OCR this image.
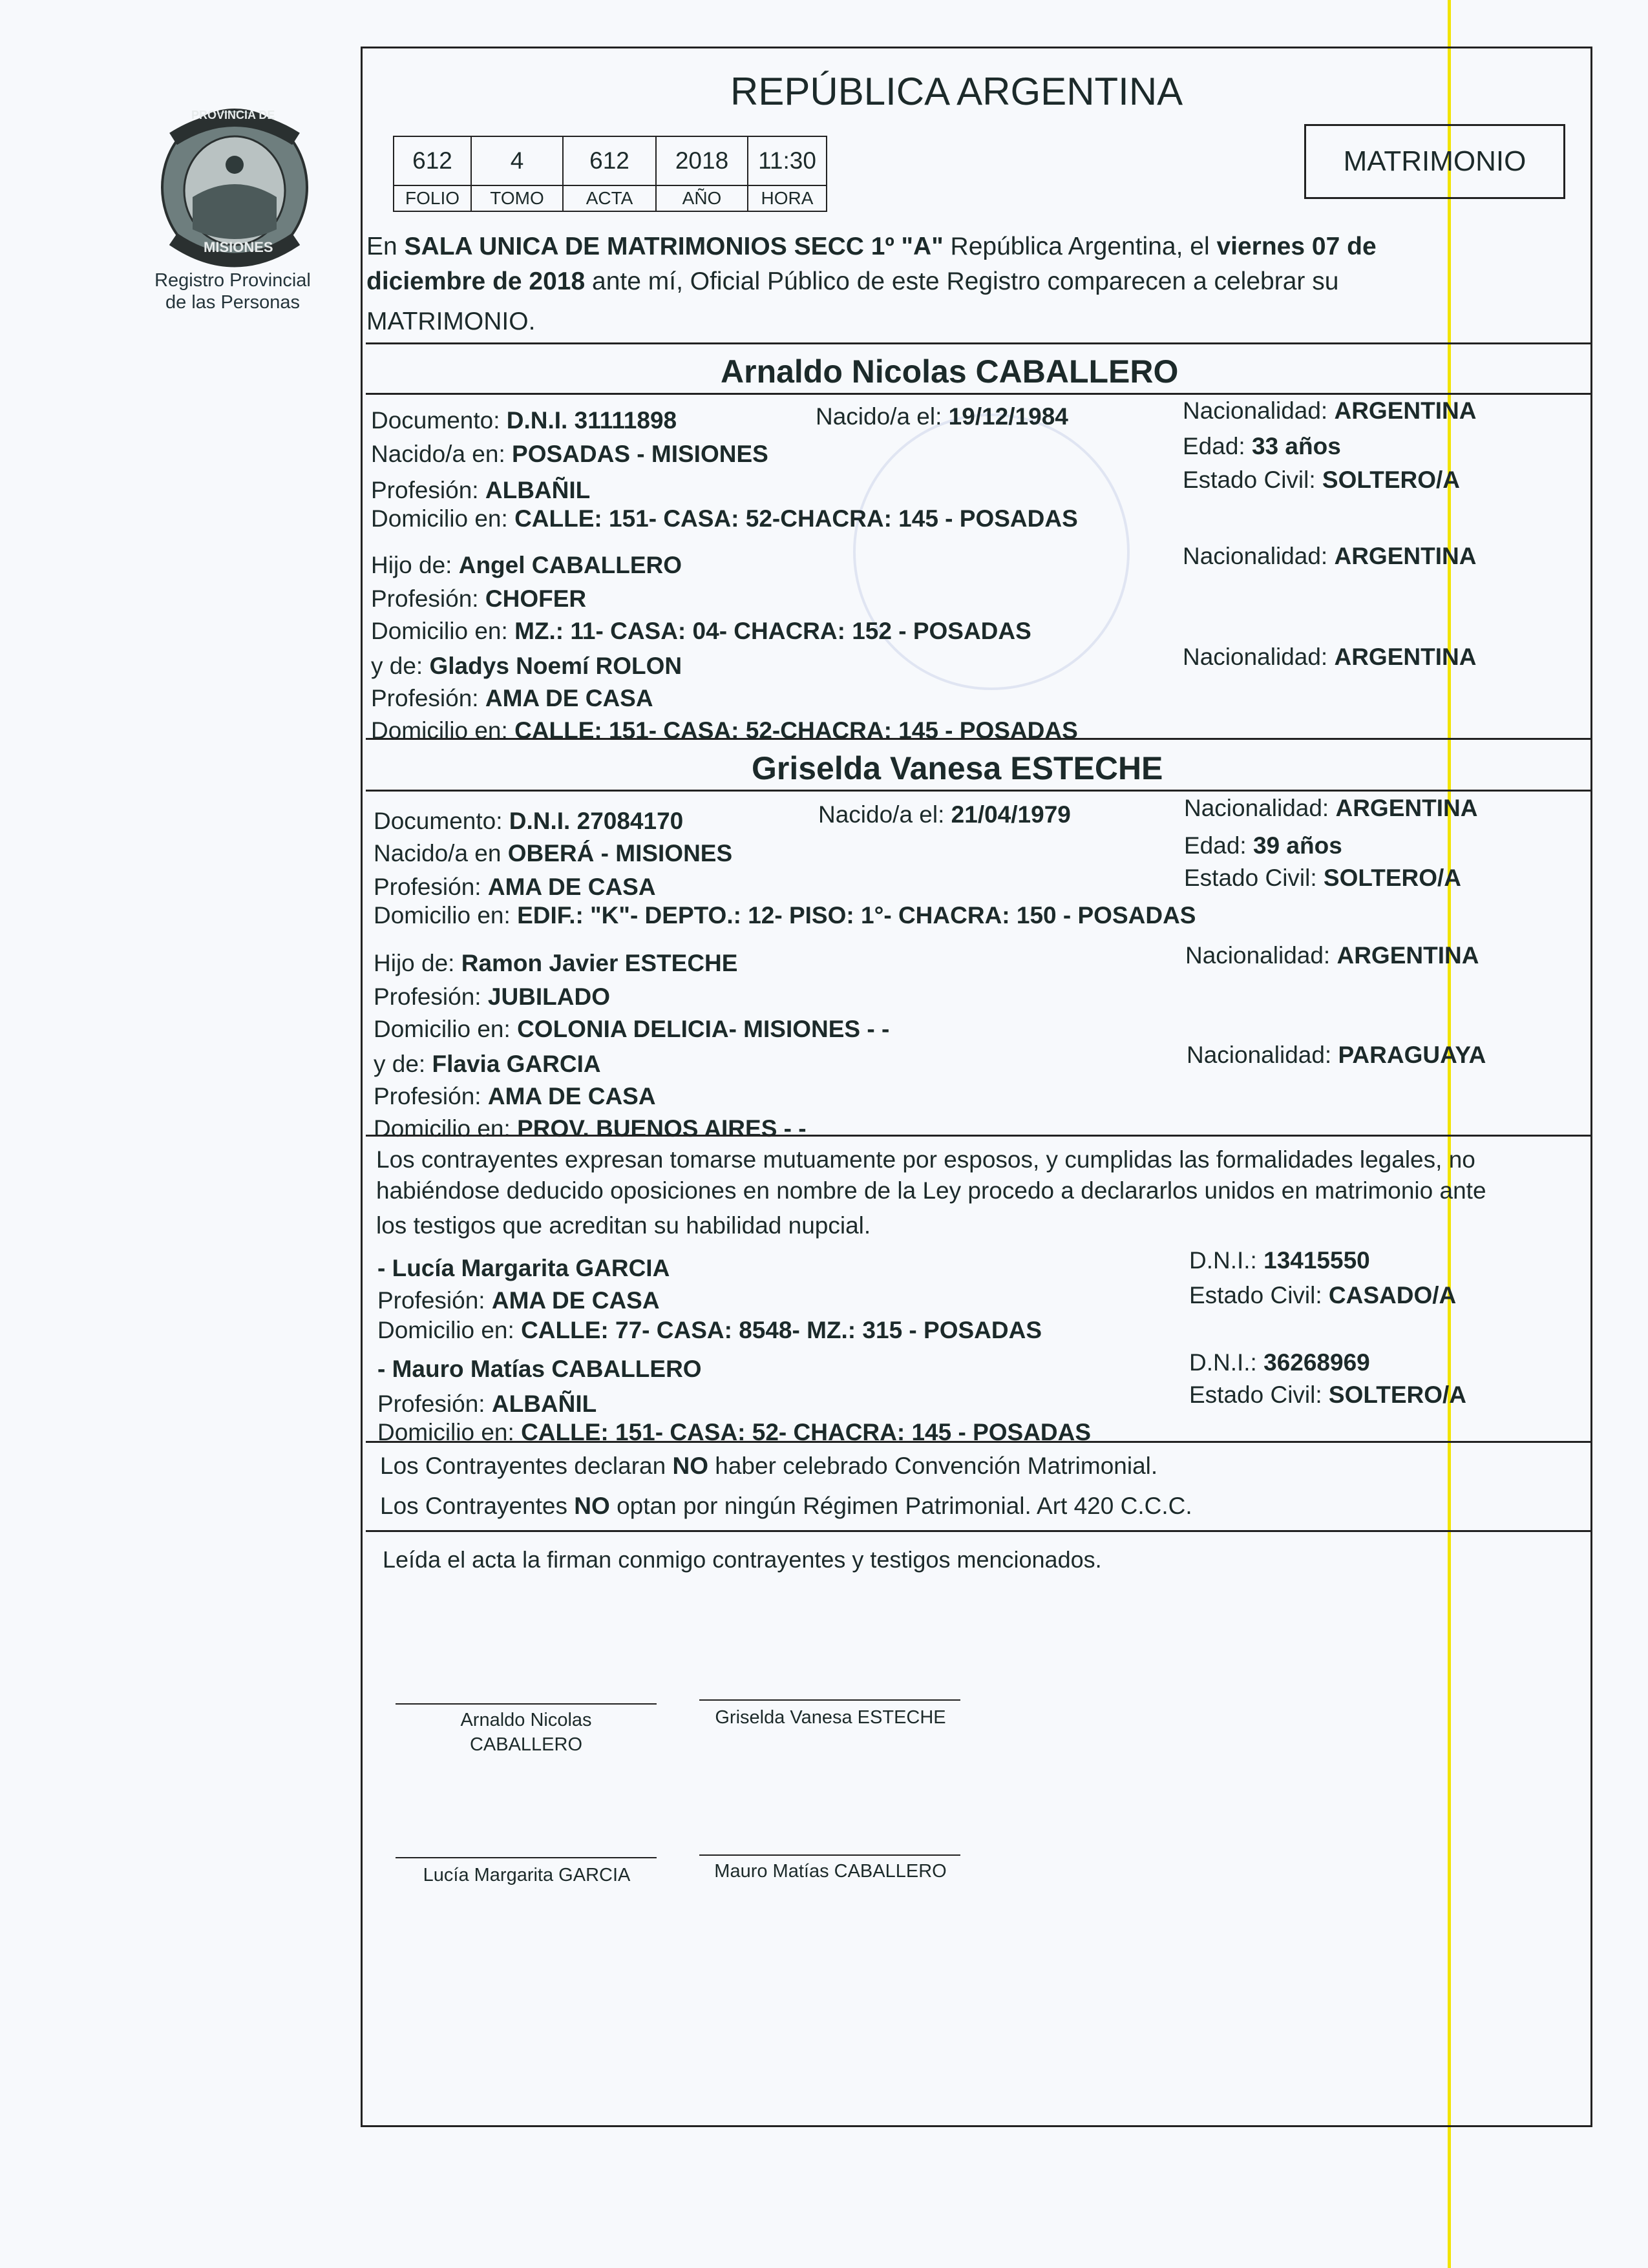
PROVINCIA DE
MISIONES
Registro Provincial
de las Personas
REPÚBLICA ARGENTINA
612	4	612	2018	11:30
FOLIO	TOMO	ACTA	AÑO	HORA
MATRIMONIO
En SALA UNICA DE MATRIMONIOS SECC 1º "A" República Argentina, el viernes 07 de
diciembre de 2018 ante mí, Oficial Público de este Registro comparecen a celebrar su
MATRIMONIO.
Arnaldo Nicolas CABALLERO
Documento: D.N.I. 31111898	Nacido/a el: 19/12/1984	Nacionalidad: ARGENTINA
Nacido/a en: POSADAS - MISIONES	Edad: 33 años
Profesión: ALBAÑIL	Estado Civil: SOLTERO/A
Domicilio en: CALLE: 151- CASA: 52-CHACRA: 145 - POSADAS
Hijo de: Angel CABALLERO	Nacionalidad: ARGENTINA
Profesión: CHOFER
Domicilio en: MZ.: 11- CASA: 04- CHACRA: 152 - POSADAS
y de: Gladys Noemí ROLON	Nacionalidad: ARGENTINA
Profesión: AMA DE CASA
Domicilio en: CALLE: 151- CASA: 52-CHACRA: 145 - POSADAS
Griselda Vanesa ESTECHE
Documento: D.N.I. 27084170	Nacido/a el: 21/04/1979	Nacionalidad: ARGENTINA
Nacido/a en OBERÁ - MISIONES	Edad: 39 años
Profesión: AMA DE CASA	Estado Civil: SOLTERO/A
Domicilio en: EDIF.: "K"- DEPTO.: 12- PISO: 1°- CHACRA: 150 - POSADAS
Hijo de: Ramon Javier ESTECHE	Nacionalidad: ARGENTINA
Profesión: JUBILADO
Domicilio en: COLONIA DELICIA- MISIONES - -
y de: Flavia GARCIA	Nacionalidad: PARAGUAYA
Profesión: AMA DE CASA
Domicilio en: PROV. BUENOS AIRES - -
Los contrayentes expresan tomarse mutuamente por esposos, y cumplidas las formalidades legales, no
habiéndose deducido oposiciones en nombre de la Ley procedo a declararlos unidos en matrimonio ante
los testigos que acreditan su habilidad nupcial.
- Lucía Margarita GARCIA	D.N.I.: 13415550
Profesión: AMA DE CASA	Estado Civil: CASADO/A
Domicilio en: CALLE: 77- CASA: 8548- MZ.: 315 - POSADAS
- Mauro Matías CABALLERO	D.N.I.: 36268969
Profesión: ALBAÑIL	Estado Civil: SOLTERO/A
Domicilio en: CALLE: 151- CASA: 52- CHACRA: 145 - POSADAS
Los Contrayentes declaran NO haber celebrado Convención Matrimonial.
Los Contrayentes NO optan por ningún Régimen Patrimonial. Art 420 C.C.C.
Leída el acta la firman conmigo contrayentes y testigos mencionados.
Arnaldo Nicolas
CABALLERO
Griselda Vanesa ESTECHE
Lucía Margarita GARCIA	Mauro Matías CABALLERO
